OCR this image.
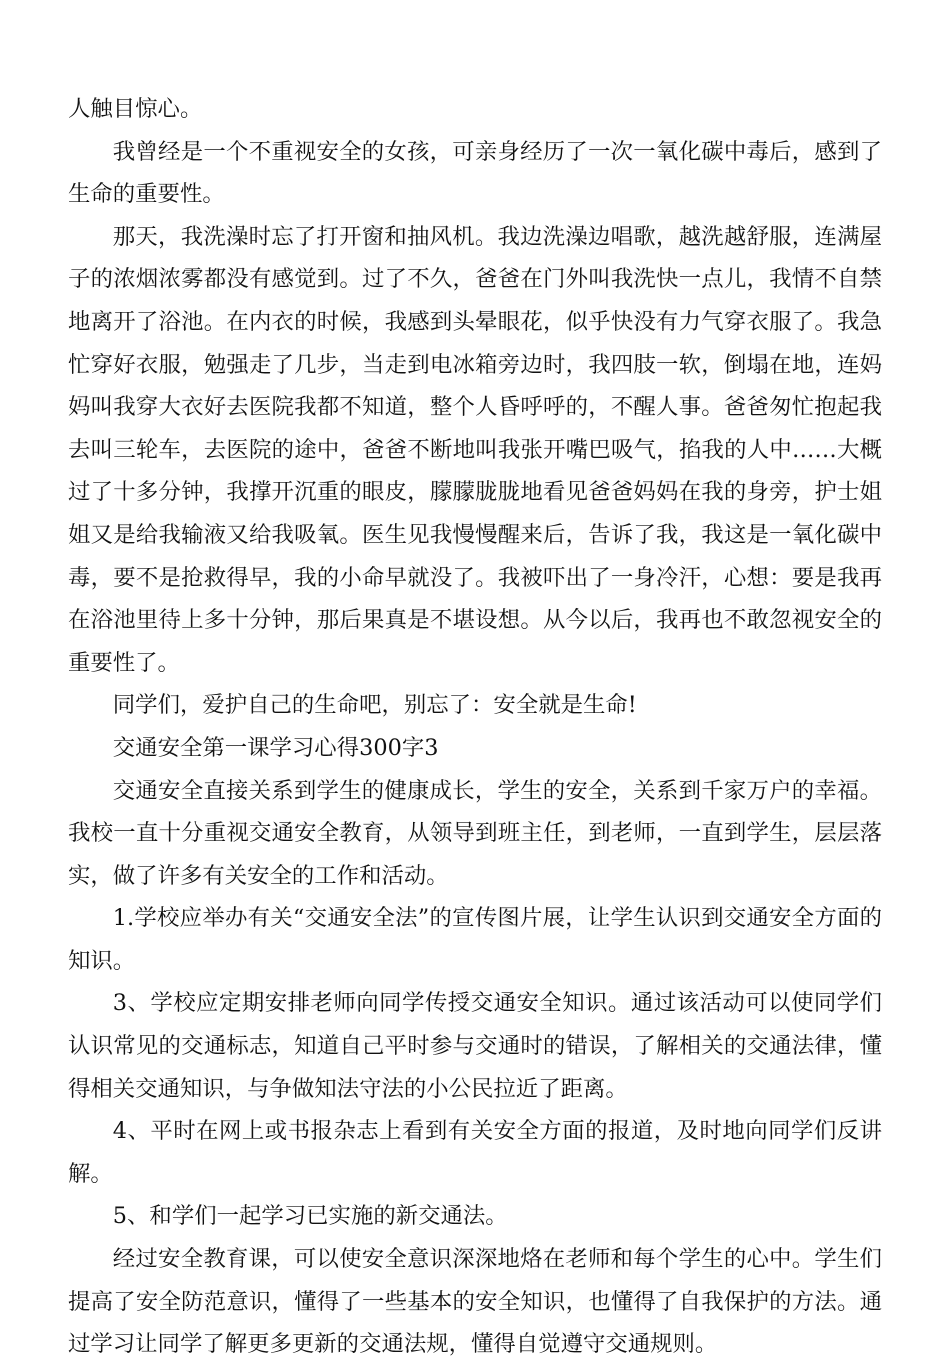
人触目惊心。

我曾经是一个不重视安全的女孩，可亲身经历了一次一氧化碳中毒后，感到了生命的重要性。

那天，我洗澡时忘了打开窗和抽风机。我边洗澡边唱歌，越洗越舒服，连满屋子的浓烟浓雾都没有感觉到。过了不久，爸爸在门外叫我洗快一点儿，我情不自禁地离开了浴池。在内衣的时候，我感到头晕眼花，似乎快没有力气穿衣服了。我急忙穿好衣服，勉强走了几步，当走到电冰箱旁边时，我四肢一软，倒塌在地，连妈妈叫我穿大衣好去医院我都不知道，整个人昏呼呼的，不醒人事。爸爸匆忙抱起我去叫三轮车，去医院的途中，爸爸不断地叫我张开嘴巴吸气，掐我的人中……大概过了十多分钟，我撑开沉重的眼皮，朦朦胧胧地看见爸爸妈妈在我的身旁，护士姐姐又是给我输液又给我吸氧。医生见我慢慢醒来后，告诉了我，我这是一氧化碳中毒，要不是抢救得早，我的小命早就没了。我被吓出了一身冷汗，心想：要是我再在浴池里待上多十分钟，那后果真是不堪设想。从今以后，我再也不敢忽视安全的重要性了。

同学们，爱护自己的生命吧，别忘了：安全就是生命!

交通安全第一课学习心得300字3

交通安全直接关系到学生的健康成长，学生的安全，关系到千家万户的幸福。我校一直十分重视交通安全教育，从领导到班主任，到老师，一直到学生，层层落实，做了许多有关安全的工作和活动。

1.学校应举办有关“交通安全法”的宣传图片展，让学生认识到交通安全方面的知识。

3、学校应定期安排老师向同学传授交通安全知识。通过该活动可以使同学们认识常见的交通标志，知道自己平时参与交通时的错误，了解相关的交通法律，懂得相关交通知识，与争做知法守法的小公民拉近了距离。

4、平时在网上或书报杂志上看到有关安全方面的报道，及时地向同学们反讲解。

5、和学们一起学习已实施的新交通法。

经过安全教育课，可以使安全意识深深地烙在老师和每个学生的心中。学生们提高了安全防范意识，懂得了一些基本的安全知识，也懂得了自我保护的方法。通过学习让同学了解更多更新的交通法规，懂得自觉遵守交通规则。
